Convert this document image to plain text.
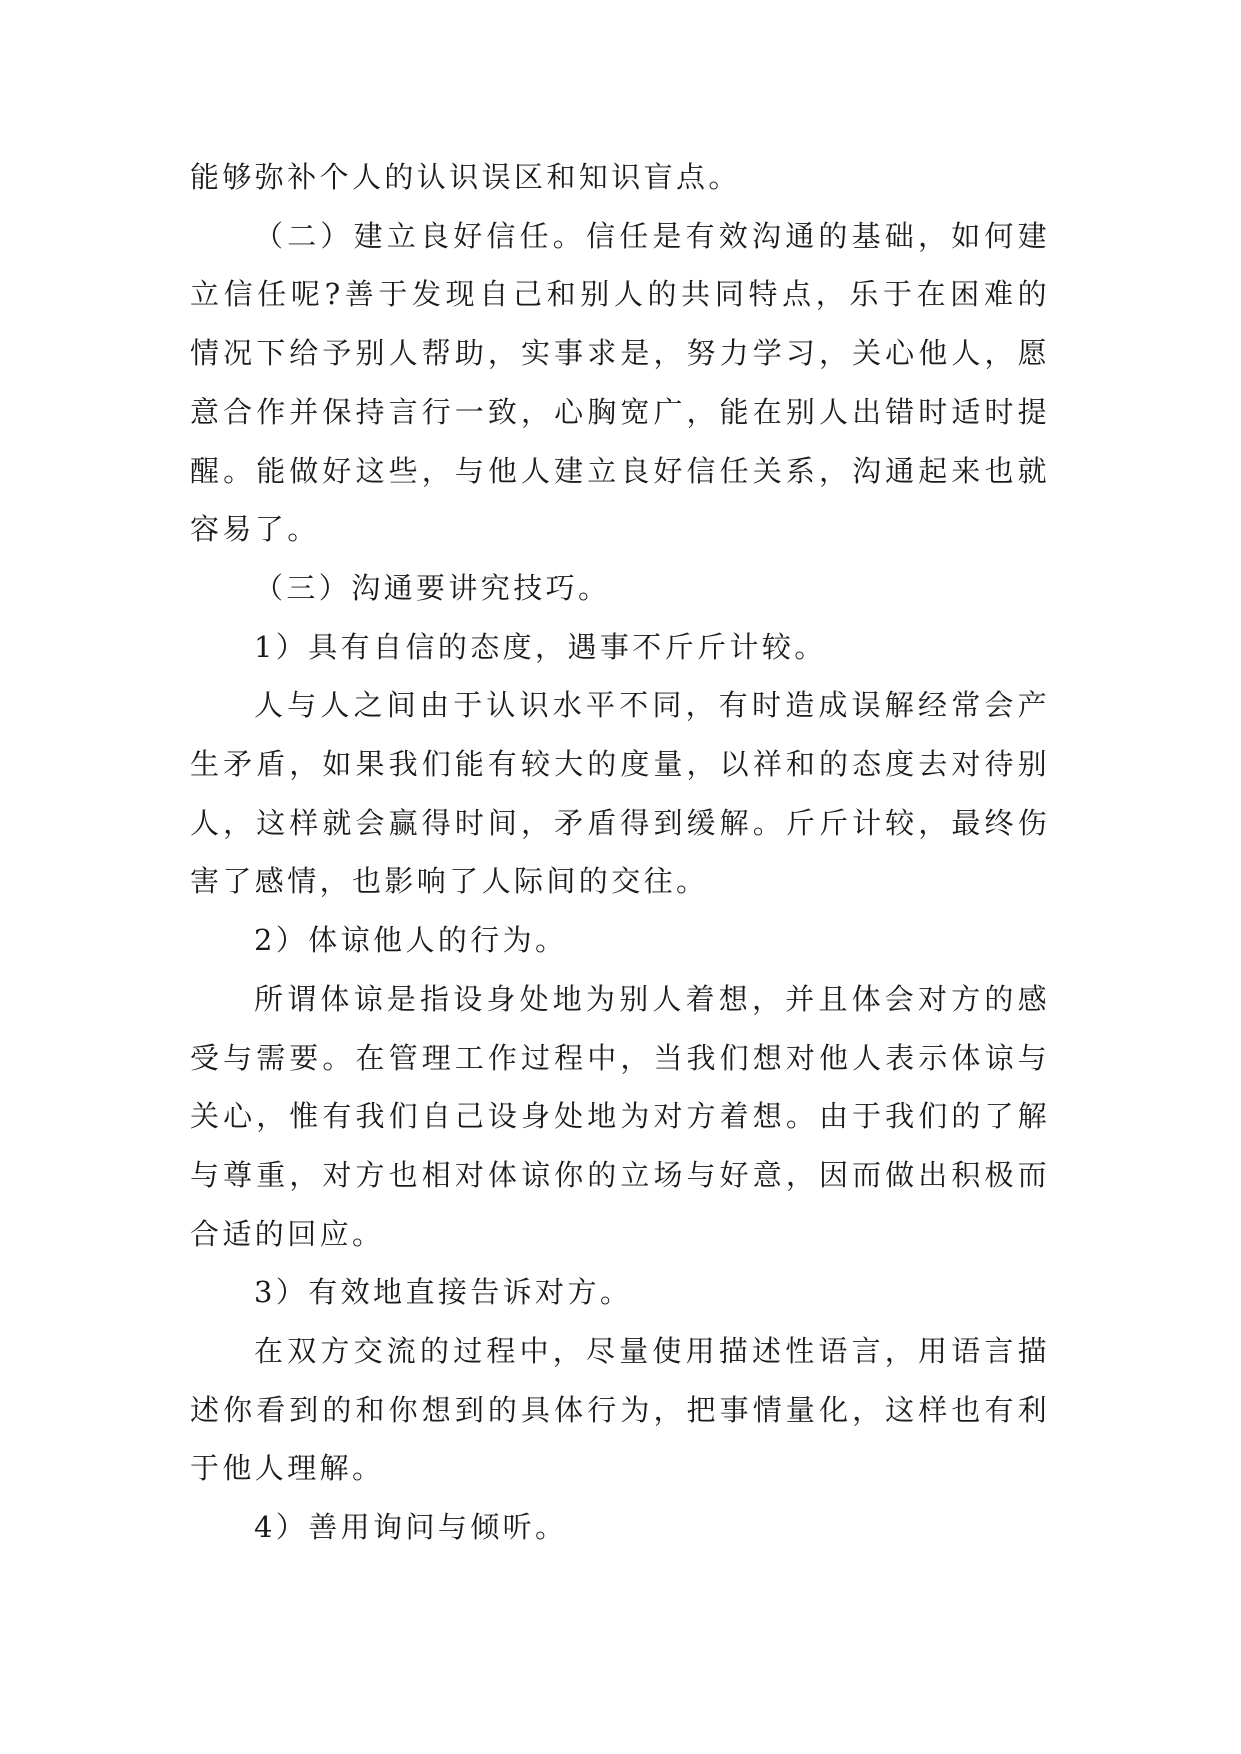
能够弥补个人的认识误区和知识盲点。

（二）建立良好信任。信任是有效沟通的基础，如何建立信任呢?善于发现自己和别人的共同特点，乐于在困难的情况下给予别人帮助，实事求是，努力学习，关心他人，愿意合作并保持言行一致，心胸宽广，能在别人出错时适时提醒。能做好这些，与他人建立良好信任关系，沟通起来也就容易了。

（三）沟通要讲究技巧。

1）具有自信的态度，遇事不斤斤计较。

人与人之间由于认识水平不同，有时造成误解经常会产生矛盾，如果我们能有较大的度量，以祥和的态度去对待别人，这样就会赢得时间，矛盾得到缓解。斤斤计较，最终伤害了感情，也影响了人际间的交往。

2）体谅他人的行为。

所谓体谅是指设身处地为别人着想，并且体会对方的感受与需要。在管理工作过程中，当我们想对他人表示体谅与关心，惟有我们自己设身处地为对方着想。由于我们的了解与尊重，对方也相对体谅你的立场与好意，因而做出积极而合适的回应。

3）有效地直接告诉对方。

在双方交流的过程中，尽量使用描述性语言，用语言描述你看到的和你想到的具体行为，把事情量化，这样也有利于他人理解。

4）善用询问与倾听。
